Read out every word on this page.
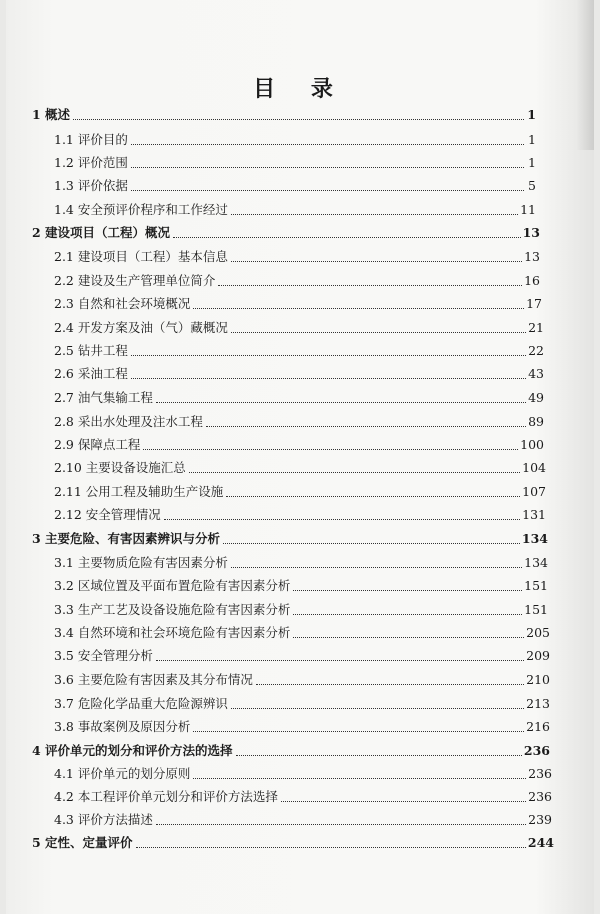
目 录
1 概述	1
1.1 评价目的	1
1.2 评价范围	1
1.3 评价依据	5
1.4 安全预评价程序和工作经过	11
2 建设项目（工程）概况	13
2.1 建设项目（工程）基本信息	13
2.2 建设及生产管理单位简介	16
2.3 自然和社会环境概况	17
2.4 开发方案及油（气）藏概况	21
2.5 钻井工程	22
2.6 采油工程	43
2.7 油气集输工程	49
2.8 采出水处理及注水工程	89
2.9 保障点工程	100
2.10 主要设备设施汇总	104
2.11 公用工程及辅助生产设施	107
2.12 安全管理情况	131
3 主要危险、有害因素辨识与分析	134
3.1 主要物质危险有害因素分析	134
3.2 区域位置及平面布置危险有害因素分析	151
3.3 生产工艺及设备设施危险有害因素分析	151
3.4 自然环境和社会环境危险有害因素分析	205
3.5 安全管理分析	209
3.6 主要危险有害因素及其分布情况	210
3.7 危险化学品重大危险源辨识	213
3.8 事故案例及原因分析	216
4 评价单元的划分和评价方法的选择	236
4.1 评价单元的划分原则	236
4.2 本工程评价单元划分和评价方法选择	236
4.3 评价方法描述	239
5 定性、定量评价	244
